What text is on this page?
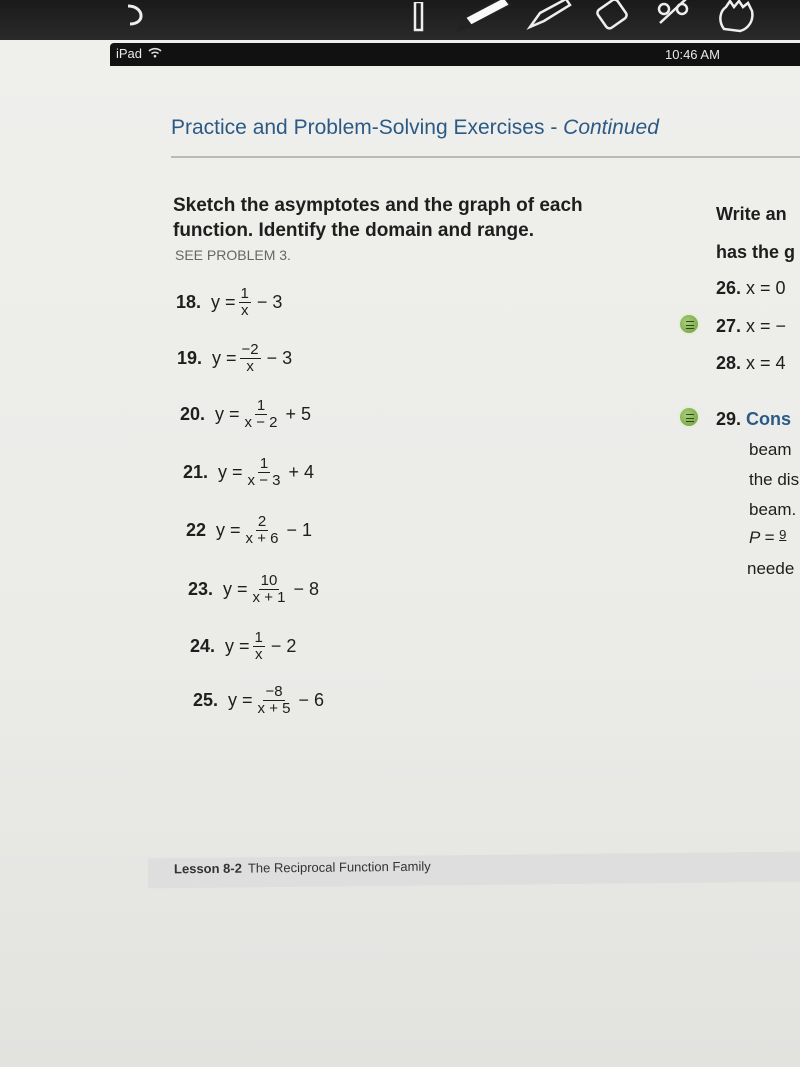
iPad	10:46 AM
Practice and Problem-Solving Exercises - Continued
Sketch the asymptotes and the graph of each
function. Identify the domain and range.
SEE PROBLEM 3.
18. $y = \frac{1}{x} - 3$
19. $y = \frac{-2}{x} - 3$
20. $y = \frac{1}{x - 2} + 5$
21. $y = \frac{1}{x - 3} + 4$
22 $y = \frac{2}{x + 6} - 1$
23. $y = \frac{10}{x + 1} - 8$
24. $y = \frac{1}{x} - 2$
25. $y = \frac{-8}{x + 5} - 6$
Write an
has the g
26. x = 0
27. x = −
28. x = 4
29. Cons
beam
the dis
beam.
P = $^9$
neede
Lesson 8-2 The Reciprocal Function Family
